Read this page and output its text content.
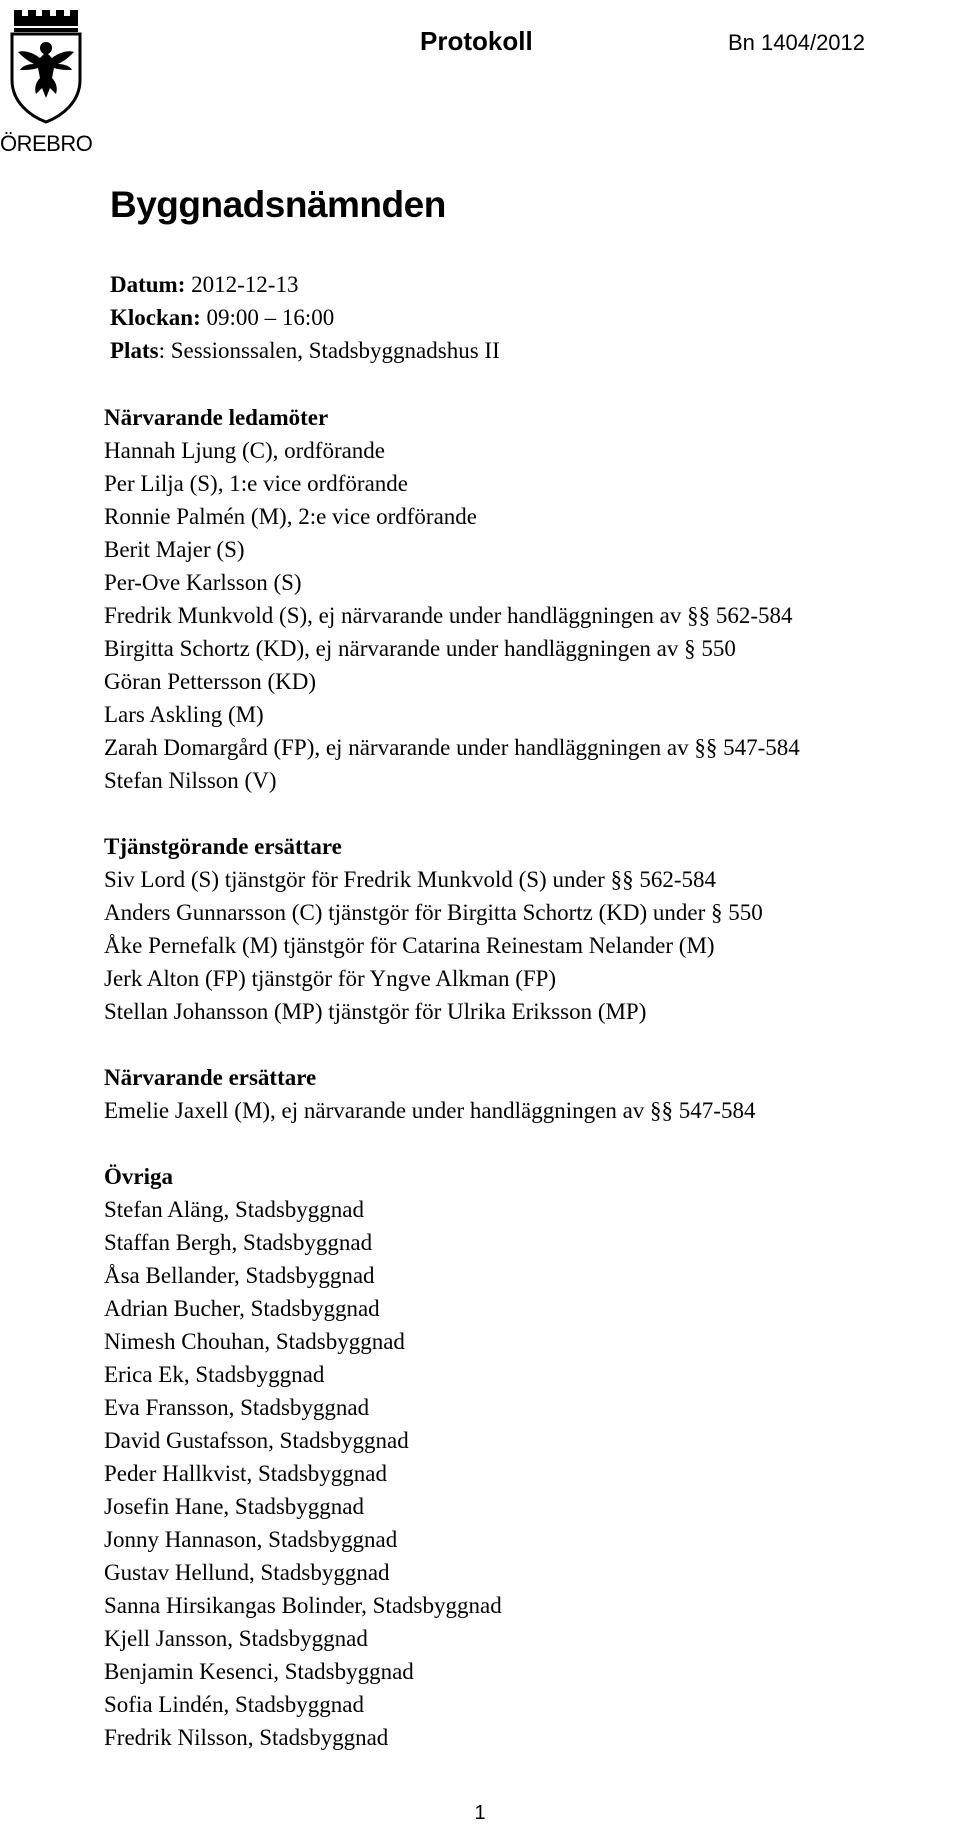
ÖREBRO
Protokoll	Bn 1404/2012
Byggnadsnämnden
Datum: 2012-12-13
Klockan: 09:00 – 16:00
Plats: Sessionssalen, Stadsbyggnadshus II
Närvarande ledamöter
Hannah Ljung (C), ordförande
Per Lilja (S), 1:e vice ordförande
Ronnie Palmén (M), 2:e vice ordförande
Berit Majer (S)
Per-Ove Karlsson (S)
Fredrik Munkvold (S), ej närvarande under handläggningen av §§ 562-584
Birgitta Schortz (KD), ej närvarande under handläggningen av § 550
Göran Pettersson (KD)
Lars Askling (M)
Zarah Domargård (FP), ej närvarande under handläggningen av §§ 547-584
Stefan Nilsson (V)
Tjänstgörande ersättare
Siv Lord (S) tjänstgör för Fredrik Munkvold (S) under §§ 562-584
Anders Gunnarsson (C) tjänstgör för Birgitta Schortz (KD) under § 550
Åke Pernefalk (M) tjänstgör för Catarina Reinestam Nelander (M)
Jerk Alton (FP) tjänstgör för Yngve Alkman (FP)
Stellan Johansson (MP) tjänstgör för Ulrika Eriksson (MP)
Närvarande ersättare
Emelie Jaxell (M), ej närvarande under handläggningen av §§ 547-584
Övriga
Stefan Aläng, Stadsbyggnad
Staffan Bergh, Stadsbyggnad
Åsa Bellander, Stadsbyggnad
Adrian Bucher, Stadsbyggnad
Nimesh Chouhan, Stadsbyggnad
Erica Ek, Stadsbyggnad
Eva Fransson, Stadsbyggnad
David Gustafsson, Stadsbyggnad
Peder Hallkvist, Stadsbyggnad
Josefin Hane, Stadsbyggnad
Jonny Hannason, Stadsbyggnad
Gustav Hellund, Stadsbyggnad
Sanna Hirsikangas Bolinder, Stadsbyggnad
Kjell Jansson, Stadsbyggnad
Benjamin Kesenci, Stadsbyggnad
Sofia Lindén, Stadsbyggnad
Fredrik Nilsson, Stadsbyggnad
1
